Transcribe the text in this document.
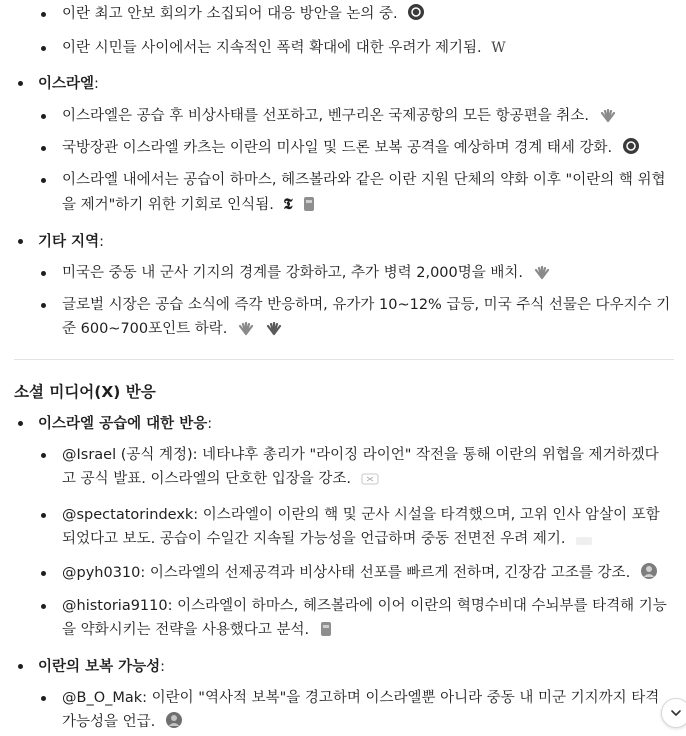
이란 최고 안보 회의가 소집되어 대응 방안을 논의 중.
이란 시민들 사이에서는 지속적인 폭력 확대에 대한 우려가 제기됨. W
이스라엘:
이스라엘은 공습 후 비상사태를 선포하고, 벤구리온 국제공항의 모든 항공편을 취소.
국방장관 이스라엘 카츠는 이란의 미사일 및 드론 보복 공격을 예상하며 경계 태세 강화.
이스라엘 내에서는 공습이 하마스, 헤즈볼라와 같은 이란 지원 단체의 약화 이후 "이란의 핵 위협을 제거"하기 위한 기회로 인식됨. 𝕿
기타 지역:
미국은 중동 내 군사 기지의 경계를 강화하고, 추가 병력 2,000명을 배치.
글로벌 시장은 공습 소식에 즉각 반응하며, 유가가 10~12% 급등, 미국 주식 선물은 다우지수 기준 600~700포인트 하락.

소셜 미디어(X) 반응
이스라엘 공습에 대한 반응:
@Israel (공식 계정): 네타냐후 총리가 "라이징 라이언" 작전을 통해 이란의 위협을 제거하겠다고 공식 발표. 이스라엘의 단호한 입장을 강조.
@spectatorindexk: 이스라엘이 이란의 핵 및 군사 시설을 타격했으며, 고위 인사 암살이 포함되었다고 보도. 공습이 수일간 지속될 가능성을 언급하며 중동 전면전 우려 제기.
@pyh0310: 이스라엘의 선제공격과 비상사태 선포를 빠르게 전하며, 긴장감 고조를 강조.
@historia9110: 이스라엘이 하마스, 헤즈볼라에 이어 이란의 혁명수비대 수뇌부를 타격해 기능을 약화시키는 전략을 사용했다고 분석.
이란의 보복 가능성:
@B_O_Mak: 이란이 "역사적 보복"을 경고하며 이스라엘뿐 아니라 중동 내 미군 기지까지 타격 가능성을 언급.
